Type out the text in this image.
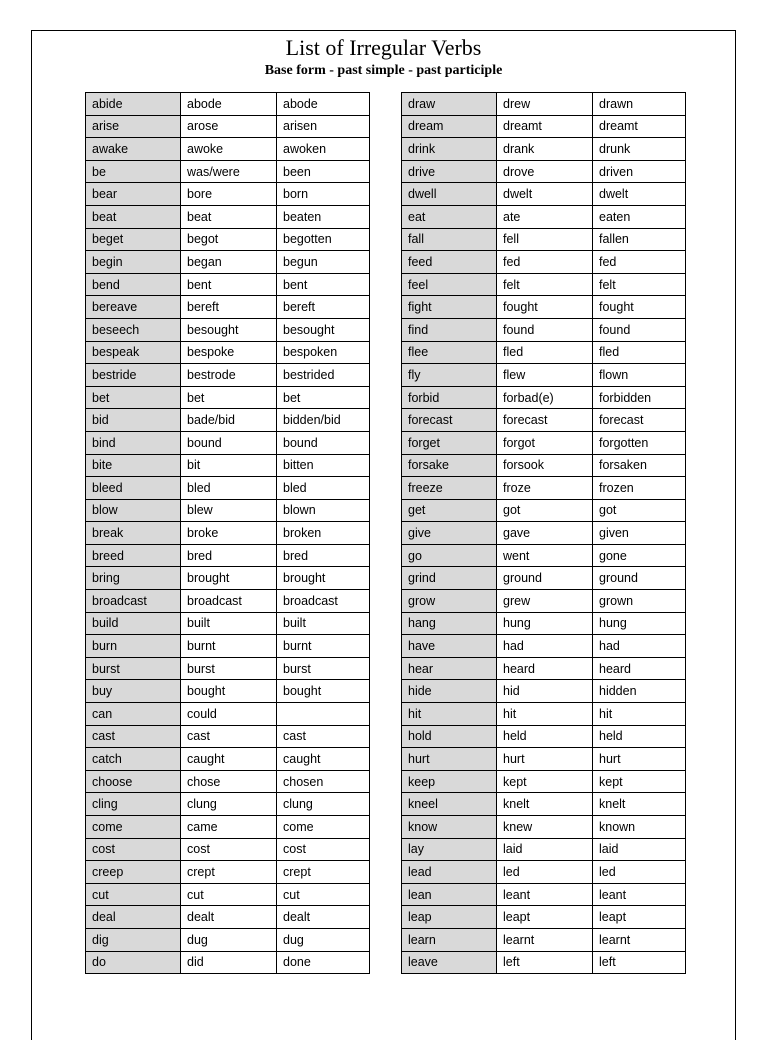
List of Irregular Verbs
Base form - past simple - past participle
abide	abode	abode
arise	arose	arisen
awake	awoke	awoken
be	was/were	been
bear	bore	born
beat	beat	beaten
beget	begot	begotten
begin	began	begun
bend	bent	bent
bereave	bereft	bereft
beseech	besought	besought
bespeak	bespoke	bespoken
bestride	bestrode	bestrided
bet	bet	bet
bid	bade/bid	bidden/bid
bind	bound	bound
bite	bit	bitten
bleed	bled	bled
blow	blew	blown
break	broke	broken
breed	bred	bred
bring	brought	brought
broadcast	broadcast	broadcast
build	built	built
burn	burnt	burnt
burst	burst	burst
buy	bought	bought
can	could	
cast	cast	cast
catch	caught	caught
choose	chose	chosen
cling	clung	clung
come	came	come
cost	cost	cost
creep	crept	crept
cut	cut	cut
deal	dealt	dealt
dig	dug	dug
do	did	done
draw	drew	drawn
dream	dreamt	dreamt
drink	drank	drunk
drive	drove	driven
dwell	dwelt	dwelt
eat	ate	eaten
fall	fell	fallen
feed	fed	fed
feel	felt	felt
fight	fought	fought
find	found	found
flee	fled	fled
fly	flew	flown
forbid	forbad(e)	forbidden
forecast	forecast	forecast
forget	forgot	forgotten
forsake	forsook	forsaken
freeze	froze	frozen
get	got	got
give	gave	given
go	went	gone
grind	ground	ground
grow	grew	grown
hang	hung	hung
have	had	had
hear	heard	heard
hide	hid	hidden
hit	hit	hit
hold	held	held
hurt	hurt	hurt
keep	kept	kept
kneel	knelt	knelt
know	knew	known
lay	laid	laid
lead	led	led
lean	leant	leant
leap	leapt	leapt
learn	learnt	learnt
leave	left	left
